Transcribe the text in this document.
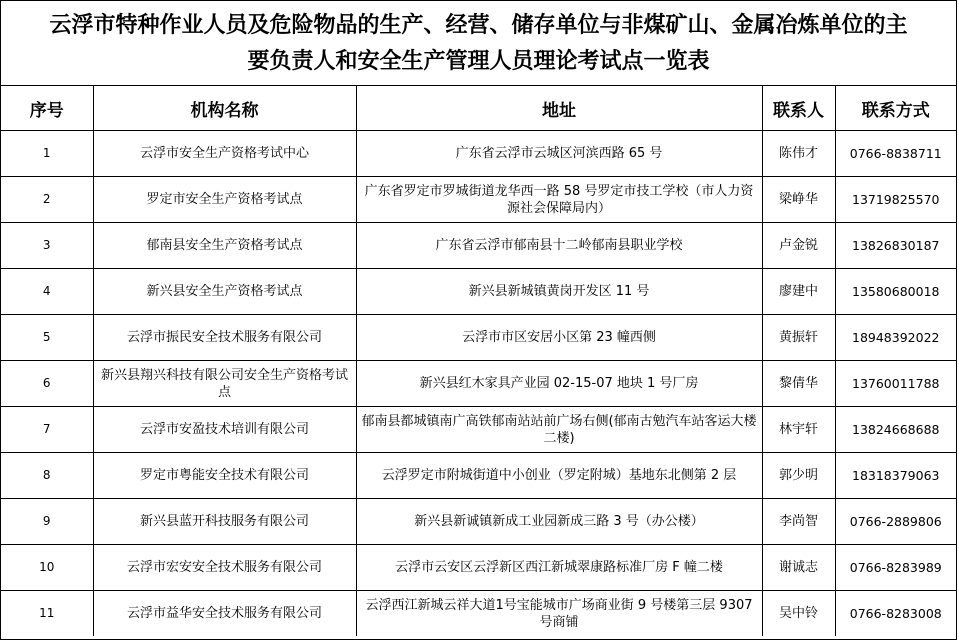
云浮市特种作业人员及危险物品的生产、经营、储存单位与非煤矿山、金属冶炼单位的主
要负责人和安全生产管理人员理论考试点一览表
序号	机构名称	地址	联系人	联系方式
1	云浮市安全生产资格考试中心	广东省云浮市云城区河滨西路 65 号	陈伟才	0766-8838711
2	罗定市安全生产资格考试点	广东省罗定市罗城街道龙华西一路 58 号罗定市技工学校（市人力资源社会保障局内）	梁峥华	13719825570
3	郁南县安全生产资格考试点	广东省云浮市郁南县十二岭郁南县职业学校	卢金锐	13826830187
4	新兴县安全生产资格考试点	新兴县新城镇黄岗开发区 11 号	廖建中	13580680018
5	云浮市振民安全技术服务有限公司	云浮市市区安居小区第 23 幢西侧	黄振轩	18948392022
6	新兴县翔兴科技有限公司安全生产资格考试点	新兴县红木家具产业园 02-15-07 地块 1 号厂房	黎倩华	13760011788
7	云浮市安盈技术培训有限公司	郁南县都城镇南广高铁郁南站站前广场右侧(郁南古勉汽车站客运大楼二楼)	林宇轩	13824668688
8	罗定市粤能安全技术有限公司	云浮罗定市附城街道中小创业（罗定附城）基地东北侧第 2 层	郭少明	18318379063
9	新兴县蓝开科技服务有限公司	新兴县新诚镇新成工业园新成三路 3 号（办公楼）	李尚智	0766-2889806
10	云浮市宏安安全技术服务有限公司	云浮市云安区云浮新区西江新城翠康路标准厂房 F 幢二楼	谢诚志	0766-8283989
11	云浮市益华安全技术服务有限公司	云浮西江新城云祥大道1号宝能城市广场商业街 9 号楼第三层 9307 号商铺	吴中铃	0766-8283008
